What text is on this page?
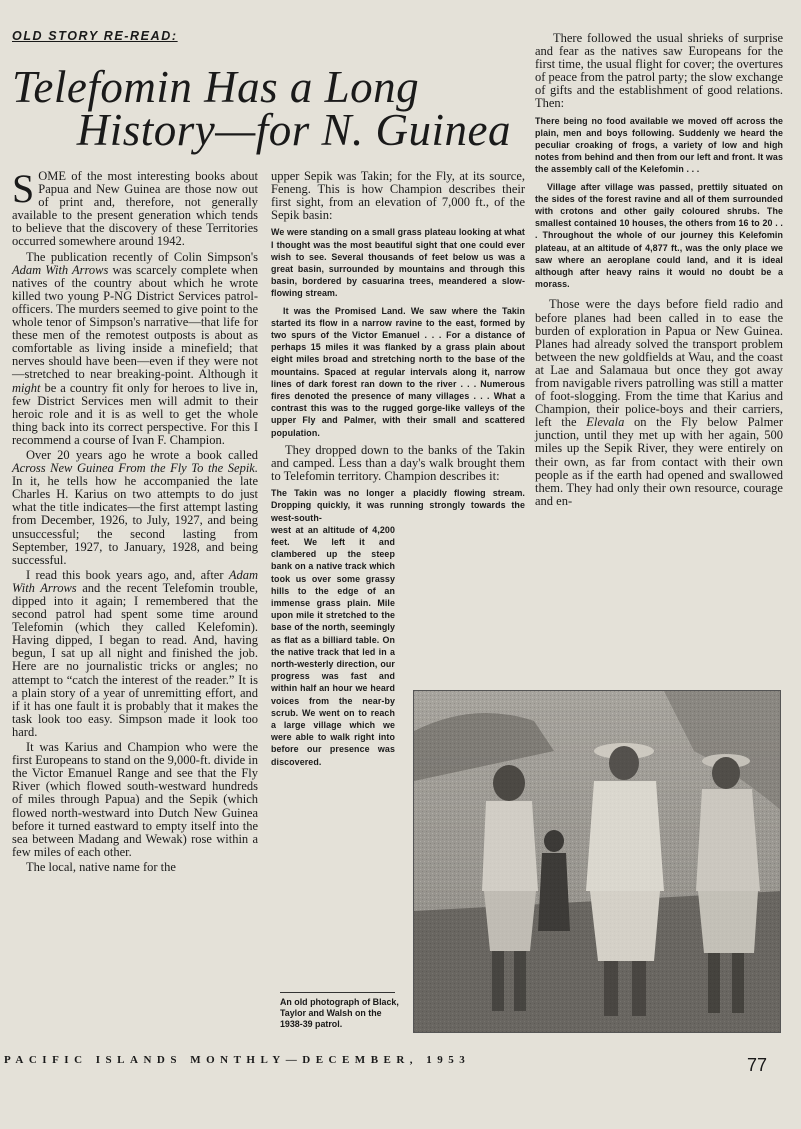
OLD STORY RE-READ:
Telefomin Has a Long
History—for N. Guinea

SOME of the most interesting books about Papua and New Guinea are those now out of print and, therefore, not generally available to the present generation which tends to believe that the discovery of these Territories occurred somewhere around 1942.

The publication recently of Colin Simpson's Adam With Arrows was scarcely complete when natives of the country about which he wrote killed two young P-NG District Services patrol-officers. The murders seemed to give point to the whole tenor of Simpson's narrative—that life for these men of the remotest outposts is about as comfortable as living inside a minefield; that nerves should have been—even if they were not—stretched to near breaking-point. Although it might be a country fit only for heroes to live in, few District Services men will admit to their heroic role and it is as well to get the whole thing back into its correct perspective. For this I recommend a course of Ivan F. Champion.

Over 20 years ago he wrote a book called Across New Guinea From the Fly To the Sepik. In it, he tells how he accompanied the late Charles H. Karius on two attempts to do just what the title indicates—the first attempt lasting from December, 1926, to July, 1927, and being unsuccessful; the second lasting from September, 1927, to January, 1928, and being successful.

I read this book years ago, and, after Adam With Arrows and the recent Telefomin trouble, dipped into it again; I remembered that the second patrol had spent some time around Telefomin (which they called Kelefomin). Having dipped, I began to read. And, having begun, I sat up all night and finished the job. Here are no journalistic tricks or angles; no attempt to “catch the interest of the reader.” It is a plain story of a year of unremitting effort, and if it has one fault it is probably that it makes the task look too easy. Simpson made it look too hard.

It was Karius and Champion who were the first Europeans to stand on the 9,000-ft. divide in the Victor Emanuel Range and see that the Fly River (which flowed south-westward hundreds of miles through Papua) and the Sepik (which flowed north-westward into Dutch New Guinea before it turned eastward to empty itself into the sea between Madang and Wewak) rose within a few miles of each other.

The local, native name for the

upper Sepik was Takin; for the Fly, at its source, Feneng. This is how Champion describes their first sight, from an elevation of 7,000 ft., of the Sepik basin:

We were standing on a small grass plateau looking at what I thought was the most beautiful sight that one could ever wish to see. Several thousands of feet below us was a great basin, surrounded by mountains and through this basin, bordered by casuarina trees, meandered a slow-flowing stream.

It was the Promised Land. We saw where the Takin started its flow in a narrow ravine to the east, formed by two spurs of the Victor Emanuel . . . For a distance of perhaps 15 miles it was flanked by a grass plain about eight miles broad and stretching north to the base of the mountains. Spaced at regular intervals along it, narrow lines of dark forest ran down to the river . . . Numerous fires denoted the presence of many villages . . . What a contrast this was to the rugged gorge-like valleys of the upper Fly and Palmer, with their small and scattered population.

They dropped down to the banks of the Takin and camped. Less than a day's walk brought them to Telefomin territory. Champion describes it:

The Takin was no longer a placidly flowing stream. Dropping quickly, it was running strongly towards the west-south-

west at an altitude of 4,200 feet. We left it and clambered up the steep bank on a native track which took us over some grassy hills to the edge of an immense grass plain. Mile upon mile it stretched to the base of the north, seemingly as flat as a billiard table. On the native track that led in a north-westerly direction, our progress was fast and within half an hour we heard voices from the near-by scrub. We went on to reach a large village which we were able to walk right into before our presence was discovered.

There followed the usual shrieks of surprise and fear as the natives saw Europeans for the first time, the usual flight for cover; the overtures of peace from the patrol party; the slow exchange of gifts and the establishment of good relations. Then:

There being no food available we moved off across the plain, men and boys following. Suddenly we heard the peculiar croaking of frogs, a variety of low and high notes from behind and then from our left and front. It was the assembly call of the Kelefomin . . .

Village after village was passed, prettily situated on the sides of the forest ravine and all of them surrounded with crotons and other gaily coloured shrubs. The smallest contained 10 houses, the others from 16 to 20 . . . Throughout the whole of our journey this Kelefomin plateau, at an altitude of 4,877 ft., was the only place we saw where an aeroplane could land, and it is ideal although after heavy rains it would no doubt be a morass.

Those were the days before field radio and before planes had been called in to ease the burden of exploration in Papua or New Guinea. Planes had already solved the transport problem between the new goldfields at Wau, and the coast at Lae and Salamaua but once they got away from navigable rivers patrolling was still a matter of foot-slogging. From the time that Karius and Champion, their police-boys and their carriers, left the Elevala on the Fly below Palmer junction, until they met up with her again, 500 miles up the Sepik River, they were entirely on their own, as far from contact with their own people as if the earth had opened and swallowed them. They had only their own resource, courage and en-

An old photograph of Black, Taylor and Walsh on the 1938-39 patrol.
PACIFIC ISLANDS MONTHLY—DECEMBER, 1953	77
